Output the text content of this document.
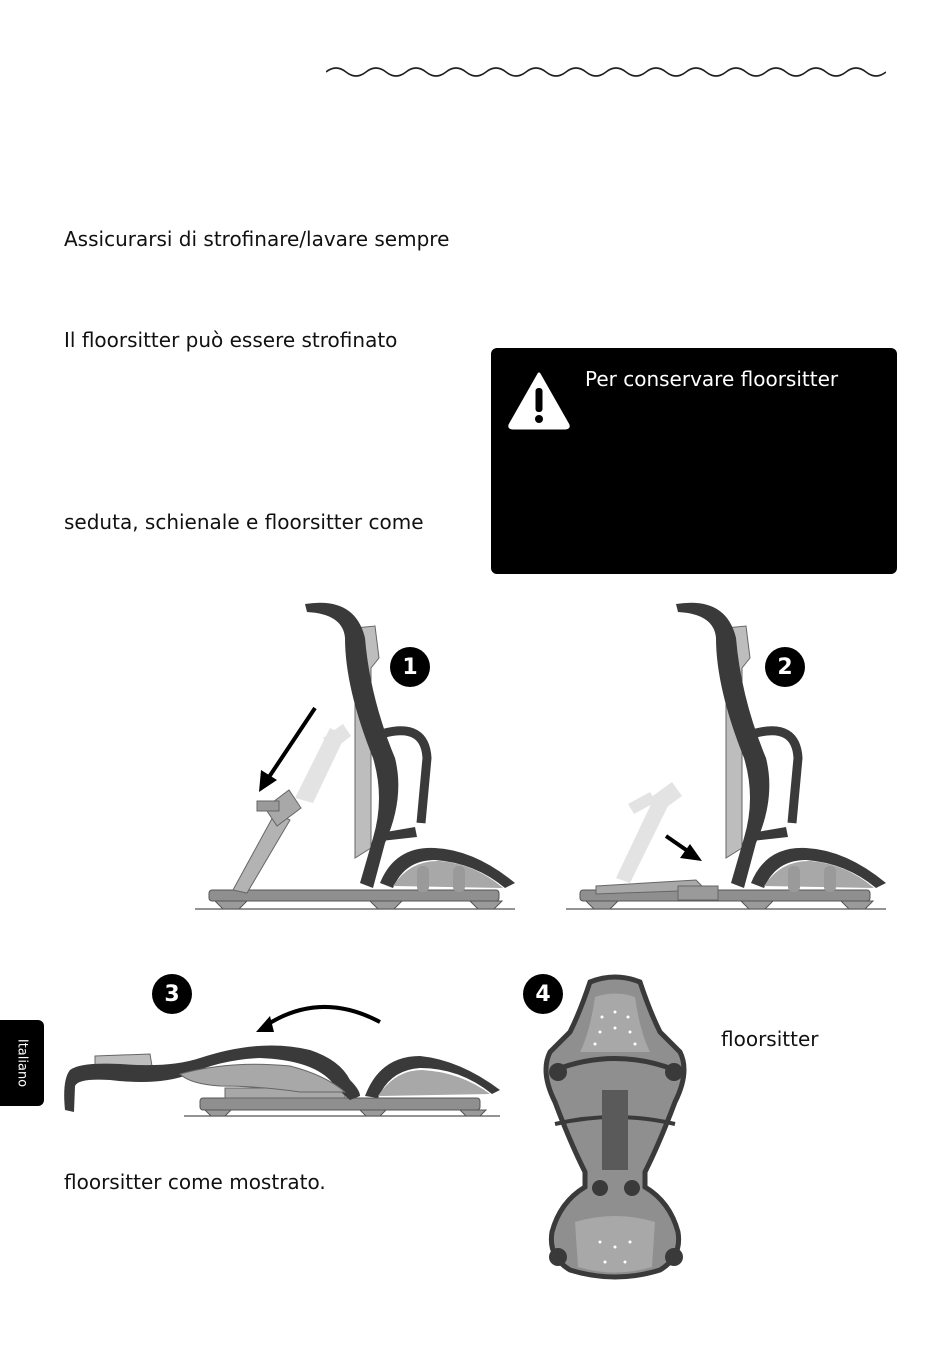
Assicurarsi di strofinare/lavare sempre
Il floorsitter può essere strofinato
seduta, schienale e floorsitter come
floorsitter come mostrato.
floorsitter
Per conservare floorsitter
1	2
3	4
Italiano
